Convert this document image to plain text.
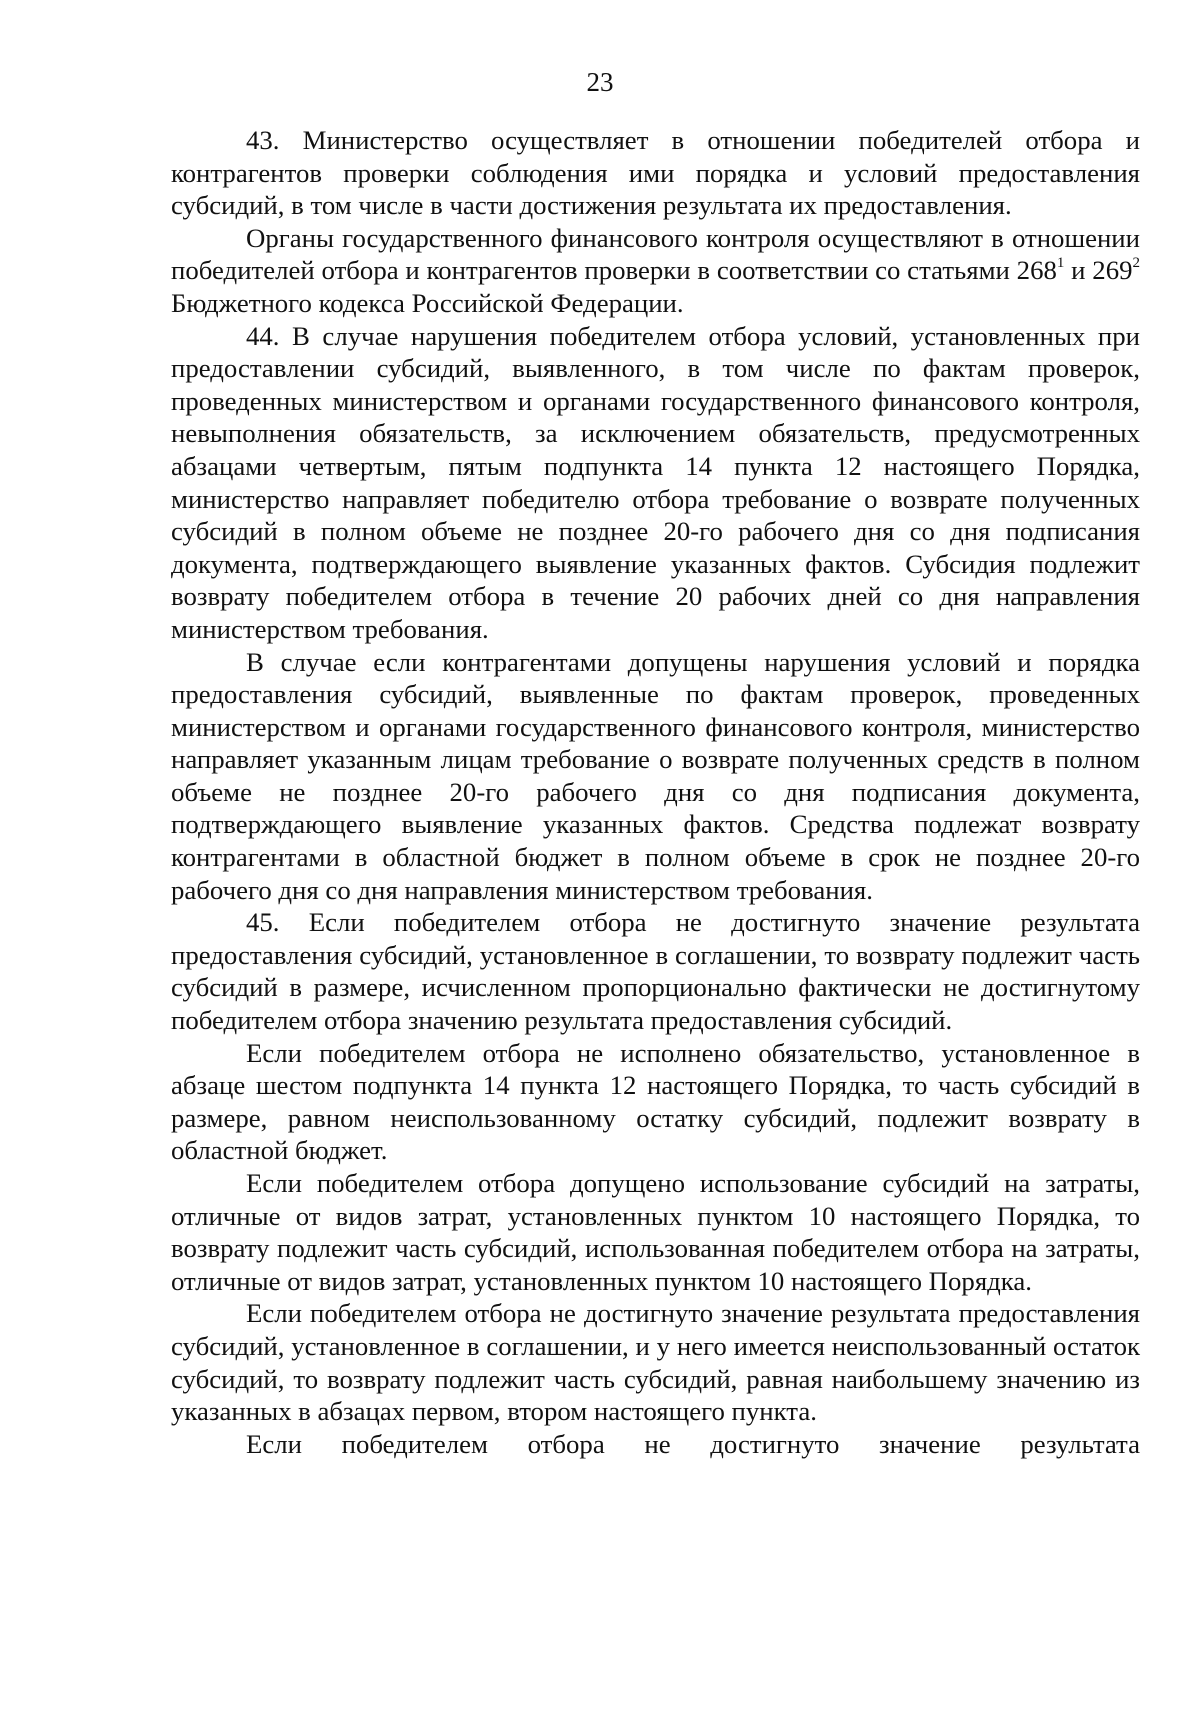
23

43. Министерство осуществляет в отношении победителей отбора и контрагентов проверки соблюдения ими порядка и условий предоставления субсидий, в том числе в части достижения результата их предоставления.

Органы государственного финансового контроля осуществляют в отношении победителей отбора и контрагентов проверки в соответствии со статьями $268^1$ и $269^2$ Бюджетного кодекса Российской Федерации.

44. В случае нарушения победителем отбора условий, установленных при предоставлении субсидий, выявленного, в том числе по фактам проверок, проведенных министерством и органами государственного финансового контроля, невыполнения обязательств, за исключением обязательств, предусмотренных абзацами четвертым, пятым подпункта 14 пункта 12 настоящего Порядка, министерство направляет победителю отбора требование о возврате полученных субсидий в полном объеме не позднее 20-го рабочего дня со дня подписания документа, подтверждающего выявление указанных фактов. Субсидия подлежит возврату победителем отбора в течение 20 рабочих дней со дня направления министерством требования.

В случае если контрагентами допущены нарушения условий и порядка предоставления субсидий, выявленные по фактам проверок, проведенных министерством и органами государственного финансового контроля, министерство направляет указанным лицам требование о возврате полученных средств в полном объеме не позднее 20-го рабочего дня со дня подписания документа, подтверждающего выявление указанных фактов. Средства подлежат возврату контрагентами в областной бюджет в полном объеме в срок не позднее 20-го рабочего дня со дня направления министерством требования.

45. Если победителем отбора не достигнуто значение результата предоставления субсидий, установленное в соглашении, то возврату подлежит часть субсидий в размере, исчисленном пропорционально фактически не достигнутому победителем отбора значению результата предоставления субсидий.

Если победителем отбора не исполнено обязательство, установленное в абзаце шестом подпункта 14 пункта 12 настоящего Порядка, то часть субсидий в размере, равном неиспользованному остатку субсидий, подлежит возврату в областной бюджет.

Если победителем отбора допущено использование субсидий на затраты, отличные от видов затрат, установленных пунктом 10 настоящего Порядка, то возврату подлежит часть субсидий, использованная победителем отбора на затраты, отличные от видов затрат, установленных пунктом 10 настоящего Порядка.

Если победителем отбора не достигнуто значение результата предоставления субсидий, установленное в соглашении, и у него имеется неиспользованный остаток субсидий, то возврату подлежит часть субсидий, равная наибольшему значению из указанных в абзацах первом, втором настоящего пункта.

Если победителем отбора не достигнуто значение результата
